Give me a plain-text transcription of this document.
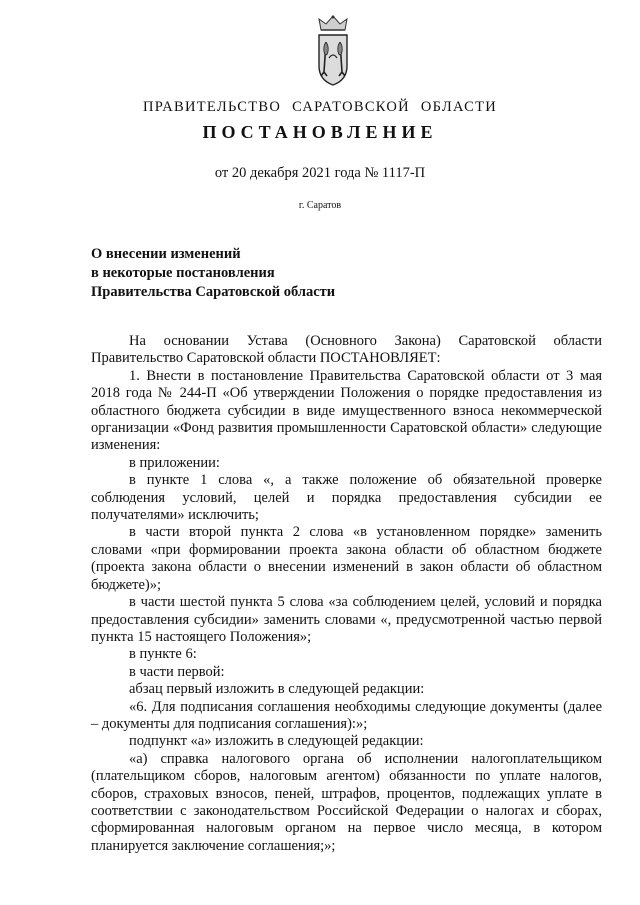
ПРАВИТЕЛЬСТВО САРАТОВСКОЙ ОБЛАСТИ
ПОСТАНОВЛЕНИЕ
от 20 декабря 2021 года № 1117-П
г. Саратов
О внесении изменений
в некоторые постановления
Правительства Саратовской области

На основании Устава (Основного Закона) Саратовской области Правительство Саратовской области ПОСТАНОВЛЯЕТ:

1. Внести в постановление Правительства Саратовской области от 3 мая 2018 года № 244-П «Об утверждении Положения о порядке предоставления из областного бюджета субсидии в виде имущественного взноса некоммерческой организации «Фонд развития промышленности Саратовской области» следующие изменения:

в приложении:

в пункте 1 слова «, а также положение об обязательной проверке соблюдения условий, целей и порядка предоставления субсидии ее получателями» исключить;

в части второй пункта 2 слова «в установленном порядке» заменить словами «при формировании проекта закона области об областном бюджете (проекта закона области о внесении изменений в закон области об областном бюджете)»;

в части шестой пункта 5 слова «за соблюдением целей, условий и порядка предоставления субсидии» заменить словами «, предусмотренной частью первой пункта 15 настоящего Положения»;

в пункте 6:

в части первой:

абзац первый изложить в следующей редакции:

«6. Для подписания соглашения необходимы следующие документы (далее – документы для подписания соглашения):»;

подпункт «а» изложить в следующей редакции:

«а) справка налогового органа об исполнении налогоплательщиком (плательщиком сборов, налоговым агентом) обязанности по уплате налогов, сборов, страховых взносов, пеней, штрафов, процентов, подлежащих уплате в соответствии с законодательством Российской Федерации о налогах и сборах, сформированная налоговым органом на первое число месяца, в котором планируется заключение соглашения;»;
